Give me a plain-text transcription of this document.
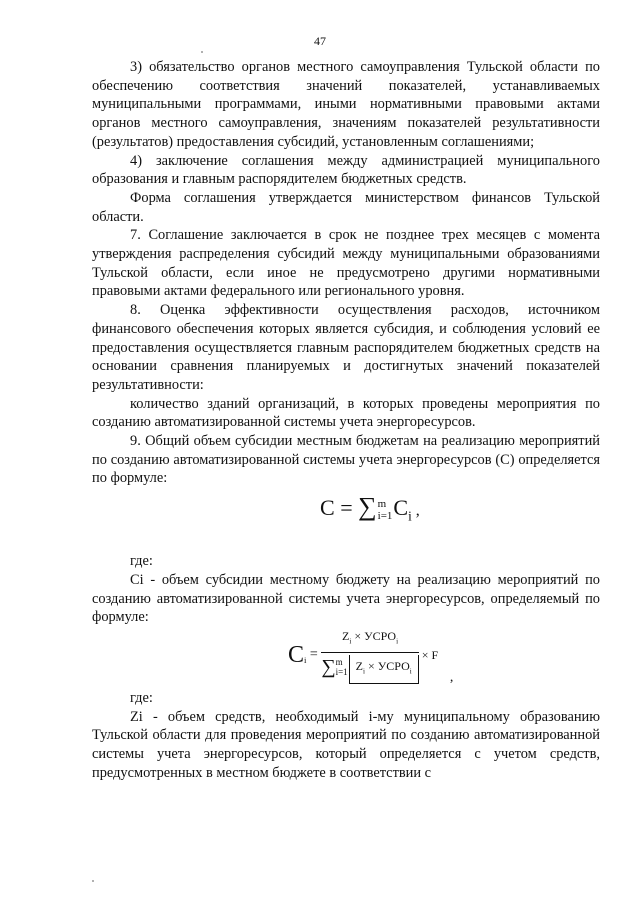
47

3) обязательство органов местного самоуправления Тульской области по обеспечению соответствия значений показателей, устанавливаемых муниципальными программами, иными нормативными правовыми актами органов местного самоуправления, значениям показателей результативности (результатов) предоставления субсидий, установленным соглашениями;

4) заключение соглашения между администрацией муниципального образования и главным распорядителем бюджетных средств.

Форма соглашения утверждается министерством финансов Тульской области.

7. Соглашение заключается в срок не позднее трех месяцев с момента утверждения распределения субсидий между муниципальными образованиями Тульской области, если иное не предусмотрено другими нормативными правовыми актами федерального или регионального уровня.

8. Оценка эффективности осуществления расходов, источником финансового обеспечения которых является субсидия, и соблюдения условий ее предоставления осуществляется главным распорядителем бюджетных средств на основании сравнения планируемых и достигнутых значений показателей результативности:

количество зданий организаций, в которых проведены мероприятия по созданию автоматизированной системы учета энергоресурсов.

9. Общий объем субсидии местным бюджетам на реализацию мероприятий по созданию автоматизированной системы учета энергоресурсов (С) определяется по формуле:

C = ∑ m
i=1 $C_i$ ,

где:

Ci - объем субсидии местному бюджету на реализацию мероприятий по созданию автоматизированной системы учета энергоресурсов, определяемый по формуле:

$C_i = Z_i$ × $УСРО_i$
∑ m
i=1 $Z_i$ × $УСРО_i \times F$ ,

где:

Zi - объем средств, необходимый i-му муниципальному образованию Тульской области для проведения мероприятий по созданию автоматизированной системы учета энергоресурсов, который определяется с учетом средств, предусмотренных в местном бюджете в соответствии с
